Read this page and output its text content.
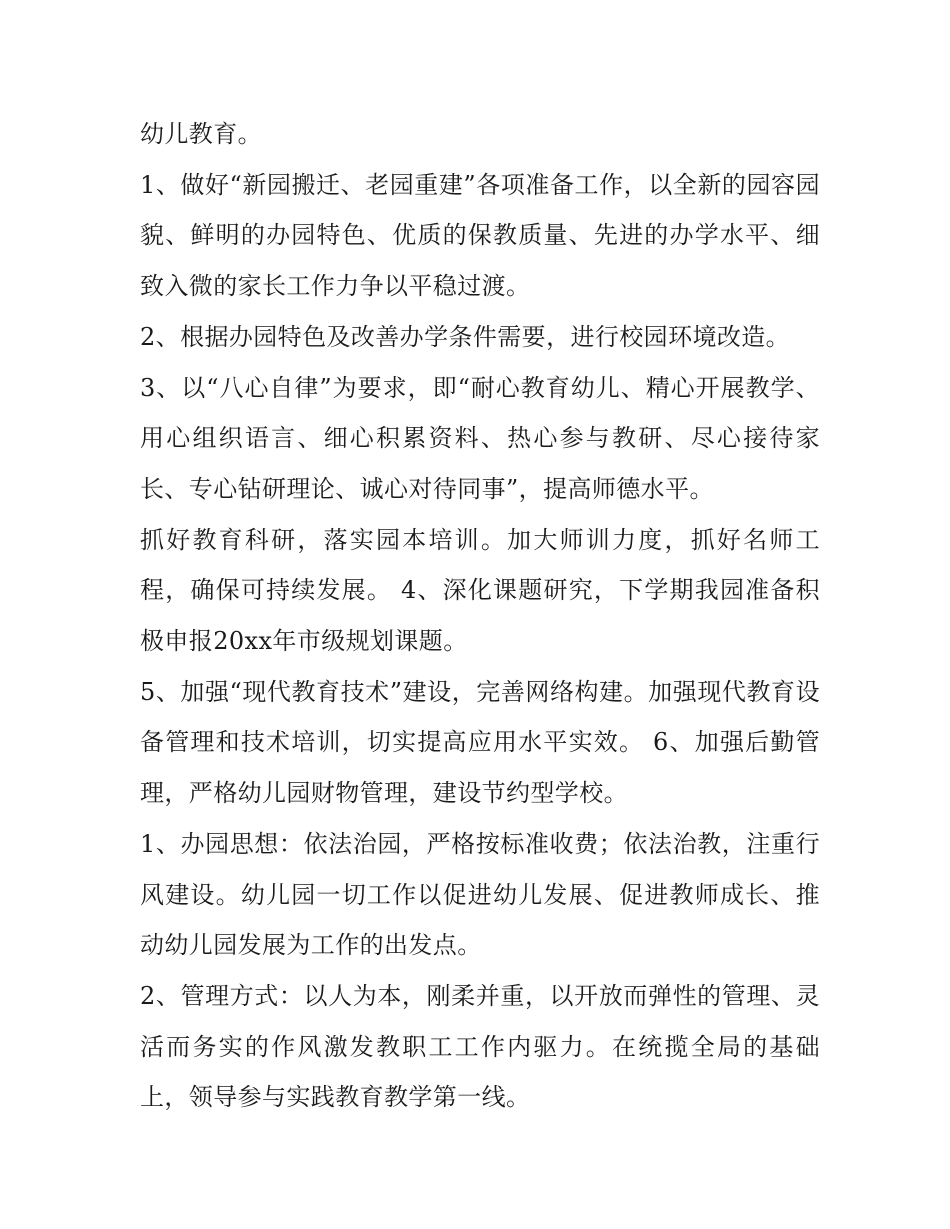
幼儿教育。

1、做好“新园搬迁、老园重建”各项准备工作，以全新的园容园貌、鲜明的办园特色、优质的保教质量、先进的办学水平、细致入微的家长工作力争以平稳过渡。

2、根据办园特色及改善办学条件需要，进行校园环境改造。

3、以“八心自律”为要求，即“耐心教育幼儿、精心开展教学、用心组织语言、细心积累资料、热心参与教研、尽心接待家长、专心钻研理论、诚心对待同事”，提高师德水平。

抓好教育科研，落实园本培训。加大师训力度，抓好名师工程，确保可持续发展。 4、深化课题研究，下学期我园准备积极申报20xx年市级规划课题。

5、加强“现代教育技术”建设，完善网络构建。加强现代教育设备管理和技术培训，切实提高应用水平实效。 6、加强后勤管理，严格幼儿园财物管理，建设节约型学校。

1、办园思想：依法治园，严格按标准收费；依法治教，注重行风建设。幼儿园一切工作以促进幼儿发展、促进教师成长、推动幼儿园发展为工作的出发点。

2、管理方式：以人为本，刚柔并重，以开放而弹性的管理、灵活而务实的作风激发教职工工作内驱力。在统揽全局的基础上，领导参与实践教育教学第一线。
